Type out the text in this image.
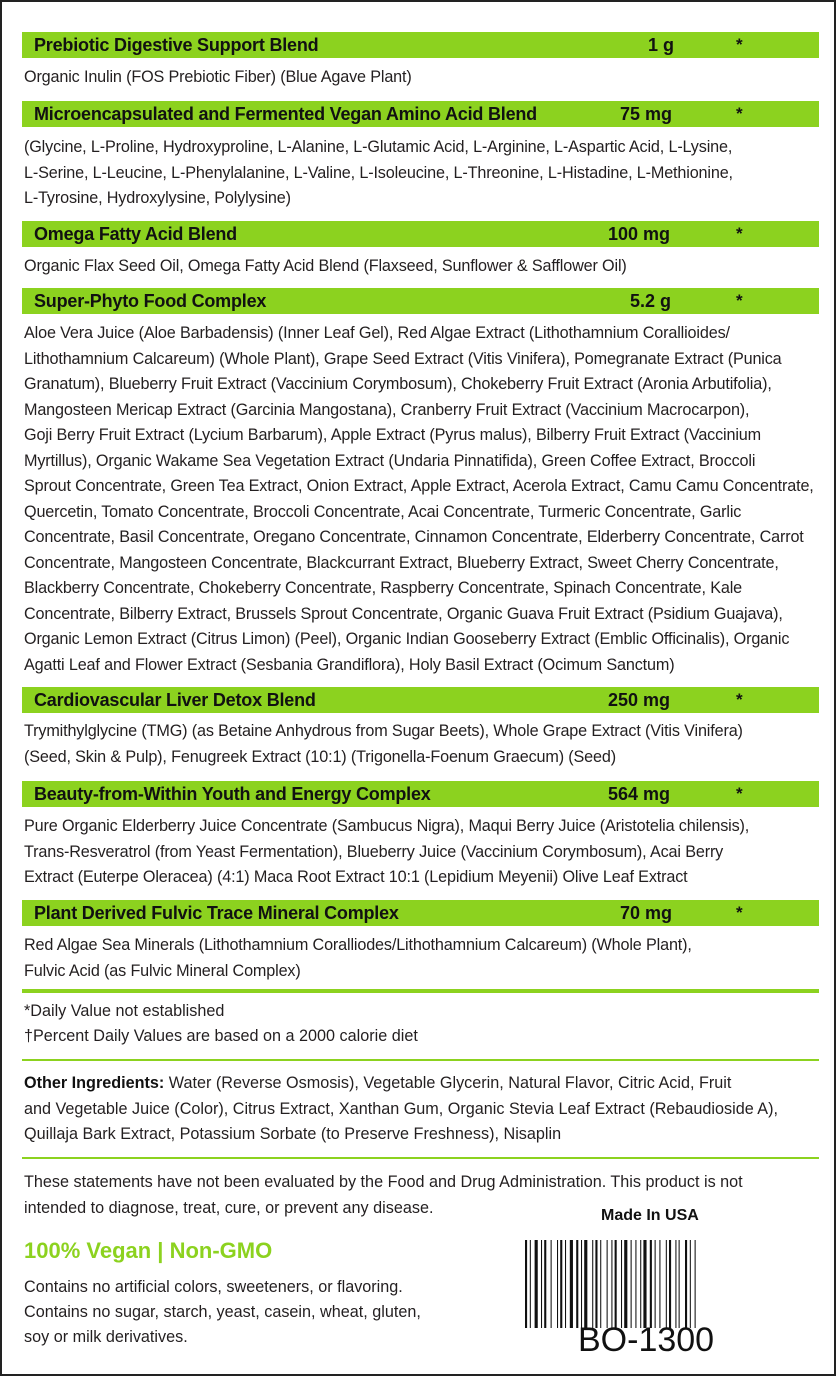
Prebiotic Digestive Support Blend	1 g	*
Organic Inulin (FOS Prebiotic Fiber) (Blue Agave Plant)
Microencapsulated and Fermented Vegan Amino Acid Blend	75 mg	*
(Glycine, L-Proline, Hydroxyproline, L-Alanine, L-Glutamic Acid, L-Arginine, L-Aspartic Acid, L-Lysine,
L-Serine, L-Leucine, L-Phenylalanine, L-Valine, L-Isoleucine, L-Threonine, L-Histadine, L-Methionine,
L-Tyrosine, Hydroxylysine, Polylysine)
Omega Fatty Acid Blend	100 mg	*
Organic Flax Seed Oil, Omega Fatty Acid Blend (Flaxseed, Sunflower & Safflower Oil)
Super-Phyto Food Complex	5.2 g	*
Aloe Vera Juice (Aloe Barbadensis) (Inner Leaf Gel), Red Algae Extract (Lithothamnium Corallioides/
Lithothamnium Calcareum) (Whole Plant), Grape Seed Extract (Vitis Vinifera), Pomegranate Extract (Punica
Granatum), Blueberry Fruit Extract (Vaccinium Corymbosum), Chokeberry Fruit Extract (Aronia Arbutifolia),
Mangosteen Mericap Extract (Garcinia Mangostana), Cranberry Fruit Extract (Vaccinium Macrocarpon),
Goji Berry Fruit Extract (Lycium Barbarum), Apple Extract (Pyrus malus), Bilberry Fruit Extract (Vaccinium
Myrtillus), Organic Wakame Sea Vegetation Extract (Undaria Pinnatifida), Green Coffee Extract, Broccoli
Sprout Concentrate, Green Tea Extract, Onion Extract, Apple Extract, Acerola Extract, Camu Camu Concentrate,
Quercetin, Tomato Concentrate, Broccoli Concentrate, Acai Concentrate, Turmeric Concentrate, Garlic
Concentrate, Basil Concentrate, Oregano Concentrate, Cinnamon Concentrate, Elderberry Concentrate, Carrot
Concentrate, Mangosteen Concentrate, Blackcurrant Extract, Blueberry Extract, Sweet Cherry Concentrate,
Blackberry Concentrate, Chokeberry Concentrate, Raspberry Concentrate, Spinach Concentrate, Kale
Concentrate, Bilberry Extract, Brussels Sprout Concentrate, Organic Guava Fruit Extract (Psidium Guajava),
Organic Lemon Extract (Citrus Limon) (Peel), Organic Indian Gooseberry Extract (Emblic Officinalis), Organic
Agatti Leaf and Flower Extract (Sesbania Grandiflora), Holy Basil Extract (Ocimum Sanctum)
Cardiovascular Liver Detox Blend	250 mg	*
Trymithylglycine (TMG) (as Betaine Anhydrous from Sugar Beets), Whole Grape Extract (Vitis Vinifera)
(Seed, Skin & Pulp), Fenugreek Extract (10:1) (Trigonella-Foenum Graecum) (Seed)
Beauty-from-Within Youth and Energy Complex	564 mg	*
Pure Organic Elderberry Juice Concentrate (Sambucus Nigra), Maqui Berry Juice (Aristotelia chilensis),
Trans-Resveratrol (from Yeast Fermentation), Blueberry Juice (Vaccinium Corymbosum), Acai Berry
Extract (Euterpe Oleracea) (4:1) Maca Root Extract 10:1 (Lepidium Meyenii) Olive Leaf Extract
Plant Derived Fulvic Trace Mineral Complex	70 mg	*
Red Algae Sea Minerals (Lithothamnium Coralliodes/Lithothamnium Calcareum) (Whole Plant),
Fulvic Acid (as Fulvic Mineral Complex)
*Daily Value not established
†Percent Daily Values are based on a 2000 calorie diet
Other Ingredients: Water (Reverse Osmosis), Vegetable Glycerin, Natural Flavor, Citric Acid, Fruit
and Vegetable Juice (Color), Citrus Extract, Xanthan Gum, Organic Stevia Leaf Extract (Rebaudioside A),
Quillaja Bark Extract, Potassium Sorbate (to Preserve Freshness), Nisaplin
These statements have not been evaluated by the Food and Drug Administration. This product is not
intended to diagnose, treat, cure, or prevent any disease.	Made In USA
100% Vegan | Non-GMO
Contains no artificial colors, sweeteners, or flavoring.
Contains no sugar, starch, yeast, casein, wheat, gluten,
soy or milk derivatives.	BO-1300
